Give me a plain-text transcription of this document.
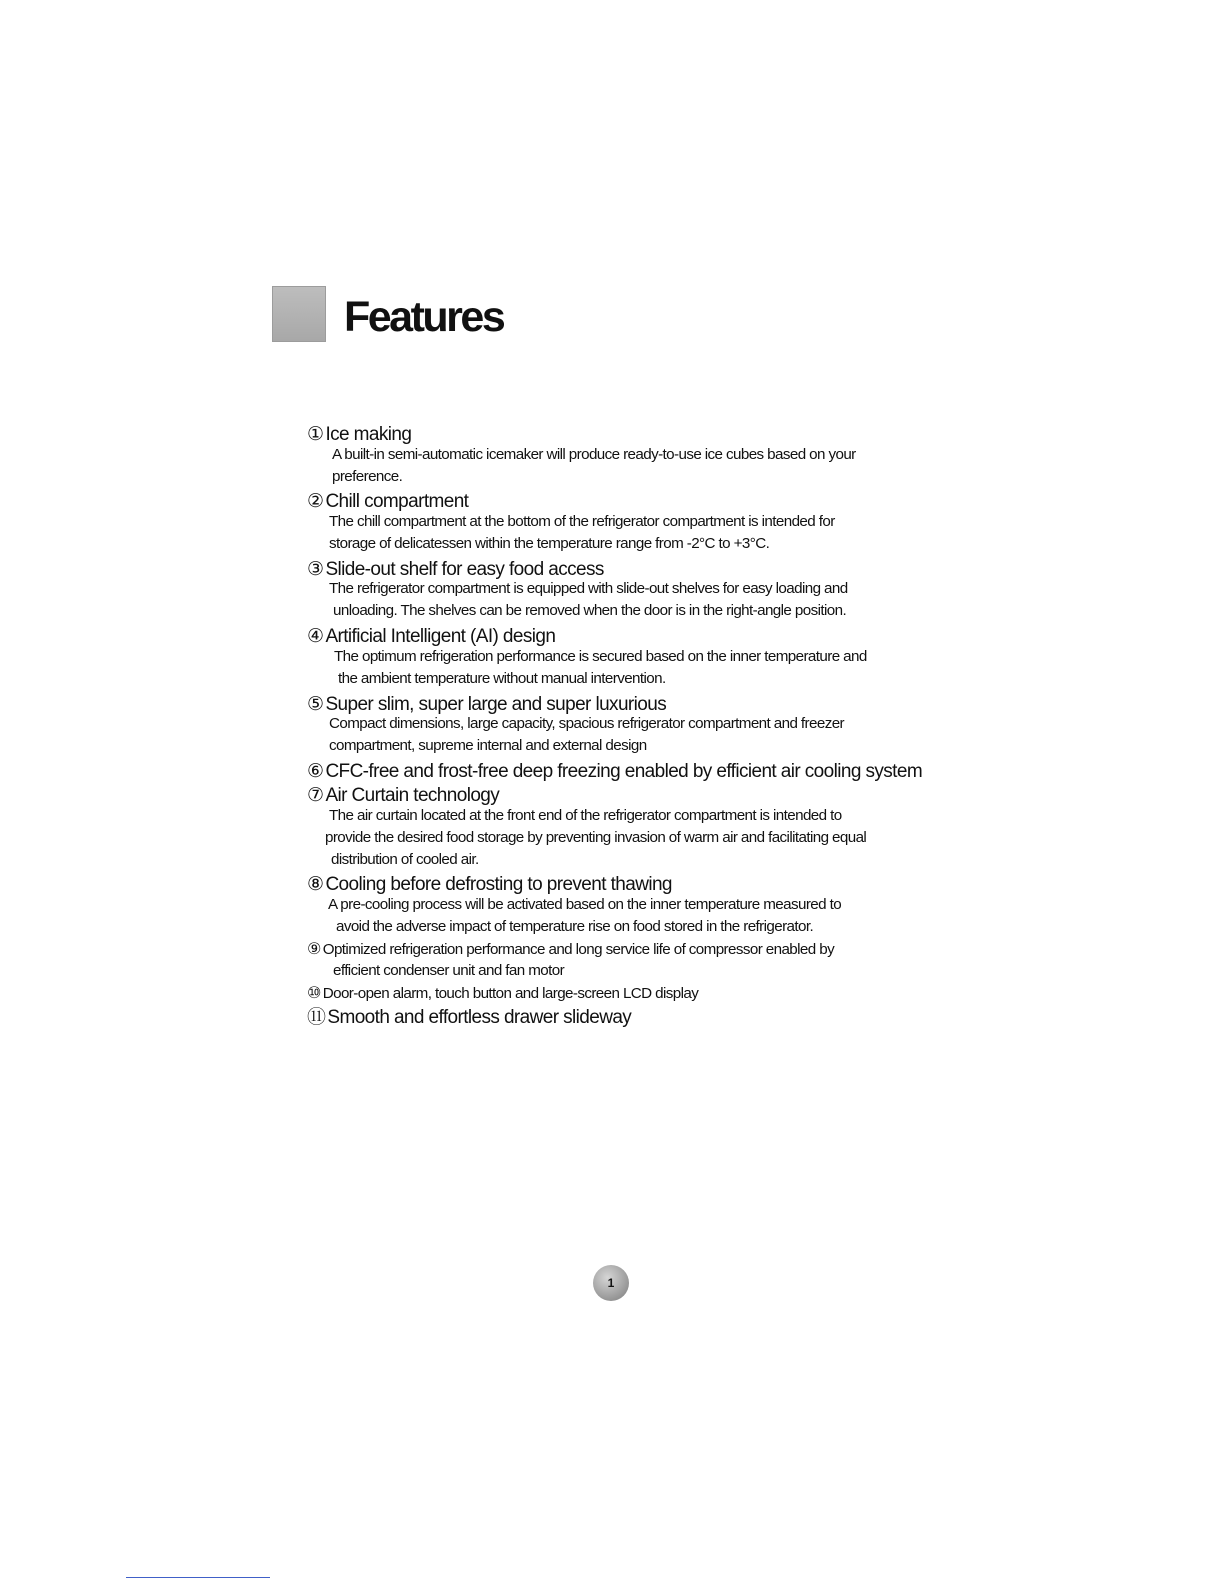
Features
① Ice making
A built-in semi-automatic icemaker will produce ready-to-use ice cubes based on your
preference.
② Chill compartment
The chill compartment at the bottom of the refrigerator compartment is intended for
storage of delicatessen within the temperature range from -2°C to +3°C.
③ Slide-out shelf for easy food access
The refrigerator compartment is equipped with slide-out shelves for easy loading and
unloading. The shelves can be removed when the door is in the right-angle position.
④ Artificial Intelligent (AI) design
The optimum refrigeration performance is secured based on the inner temperature and
the ambient temperature without manual intervention.
⑤ Super slim, super large and super luxurious
Compact dimensions, large capacity, spacious refrigerator compartment and freezer
compartment, supreme internal and external design
⑥ CFC-free and frost-free deep freezing enabled by efficient air cooling system
⑦ Air Curtain technology
The air curtain located at the front end of the refrigerator compartment is intended to
provide the desired food storage by preventing invasion of warm air and facilitating equal
distribution of cooled air.
⑧ Cooling before defrosting to prevent thawing
A pre-cooling process will be activated based on the inner temperature measured to
avoid the adverse impact of temperature rise on food stored in the refrigerator.
⑨ Optimized refrigeration performance and long service life of compressor enabled by
efficient condenser unit and fan motor
⑩ Door-open alarm, touch button and large-screen LCD display
⑪ Smooth and effortless drawer slideway
1
